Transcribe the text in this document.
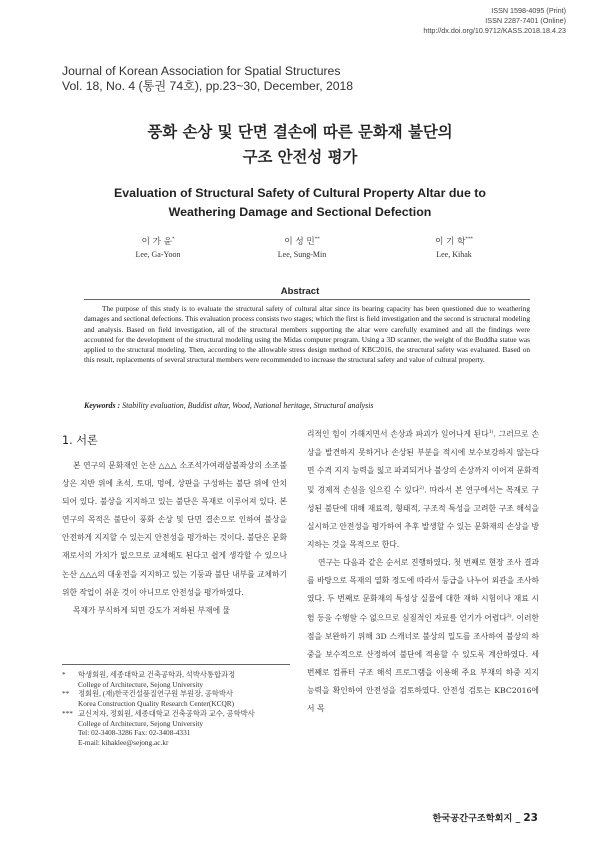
ISSN 1598-4095 (Print)
ISSN 2287-7401 (Online)
http://dx.doi.org/10.9712/KASS.2018.18.4.23
Journal of Korean Association for Spatial Structures
Vol. 18, No. 4 (통권 74호), pp.23~30, December, 2018
풍화 손상 및 단면 결손에 따른 문화재 불단의
구조 안전성 평가
Evaluation of Structural Safety of Cultural Property Altar due to
Weathering Damage and Sectional Defection
이 가 윤*
Lee, Ga-Yoon
이 성 민**
Lee, Sung-Min
이 기 학***
Lee, Kihak
Abstract
The purpose of this study is to evaluate the structural safety of cultural altar since its bearing capacity has been questioned due to weathering damages and sectional defections. This evaluation process consists two stages; which the first is field investigation and the second is structural modeling and analysis. Based on field investigation, all of the structural members supporting the altar were carefully examined and all the findings were accounted for the development of the structural modeling using the Midas computer program. Using a 3D scanner, the weight of the Buddha statue was applied to the structural modeling. Then, according to the allowable stress design method of KBC2016, the structural safety was evaluated. Based on this result, replacements of several structural members were recommended to increase the structural safety and value of cultural property.
Keywords : Stability evaluation, Buddist altar, Wood, National heritage, Structural analysis
1. 서론

본 연구의 문화재인 논산 △△△ 소조석가여래삼불좌상의 소조불상은 지반 위에 초석, 토대, 멍에, 상판을 구성하는 불단 위에 안치되어 있다. 불상을 지지하고 있는 불단은 목재로 이루어져 있다. 본 연구의 목적은 불단이 풍화 손상 및 단면 결손으로 인하여 불상을 안전하게 지지할 수 있는지 안전성을 평가하는 것이다. 불단은 문화재로서의 가치가 없으므로 교체해도 된다고 쉽게 생각할 수 있으나 논산 △△△의 대웅전을 지지하고 있는 기둥과 불단 내부를 교체하기 위한 작업이 쉬운 것이 아니므로 안전성을 평가하였다.

목재가 부식하게 되면 강도가 저하된 부재에 물

리적인 힘이 가해지면서 손상과 파괴가 일어나게 된다$^{1)}$. 그러므로 손상을 발견하지 못하거나 손상된 부분을 적시에 보수보강하지 않는다면 수격 지지 능력을 잃고 파괴되거나 불상의 손상까지 이어져 문화적 및 경제적 손실을 일으킬 수 있다$^{2)}$. 따라서 본 연구에서는 목재로 구성된 불단에 대해 재료적, 형태적, 구조적 특성을 고려한 구조 해석을 실시하고 안전성을 평가하여 추후 발생할 수 있는 문화재의 손상을 방지하는 것을 목적으로 한다.

연구는 다음과 같은 순서로 진행하였다. 첫 번째로 현장 조사 결과를 바탕으로 목재의 열화 정도에 따라서 등급을 나누어 외관을 조사하였다. 두 번째로 문화재의 특성상 실물에 대한 재하 시험이나 재료 시험 등을 수행할 수 없으므로 실질적인 자료를 얻기가 어렵다$^{3)}$. 이러한 점을 보완하기 위해 3D 스캐너로 불상의 밀도를 조사하여 불상의 하중을 보수적으로 산정하여 불단에 적용할 수 있도록 계산하였다. 세 번째로 컴퓨터 구조 해석 프로그램을 이용해 주요 부재의 하중 지지 능력을 확인하여 안전성을 검토하였다. 안전성 검토는 KBC2016에서 목

* 학생회원, 세종대학교 건축공학과, 석박사통합과정
College of Architecture, Sejong University
** 정회원, (재)한국건설품질연구원 부원장, 공학박사
Korea Construction Quality Research Center(KCQR)
*** 교신저자, 정회원, 세종대학교 건축공학과 교수, 공학박사
College of Architecture, Sejong University
Tel: 02-3408-3286 Fax: 02-3408-4331
E-mail: kihaklee@sejong.ac.kr
한국공간구조학회지 _ 23
